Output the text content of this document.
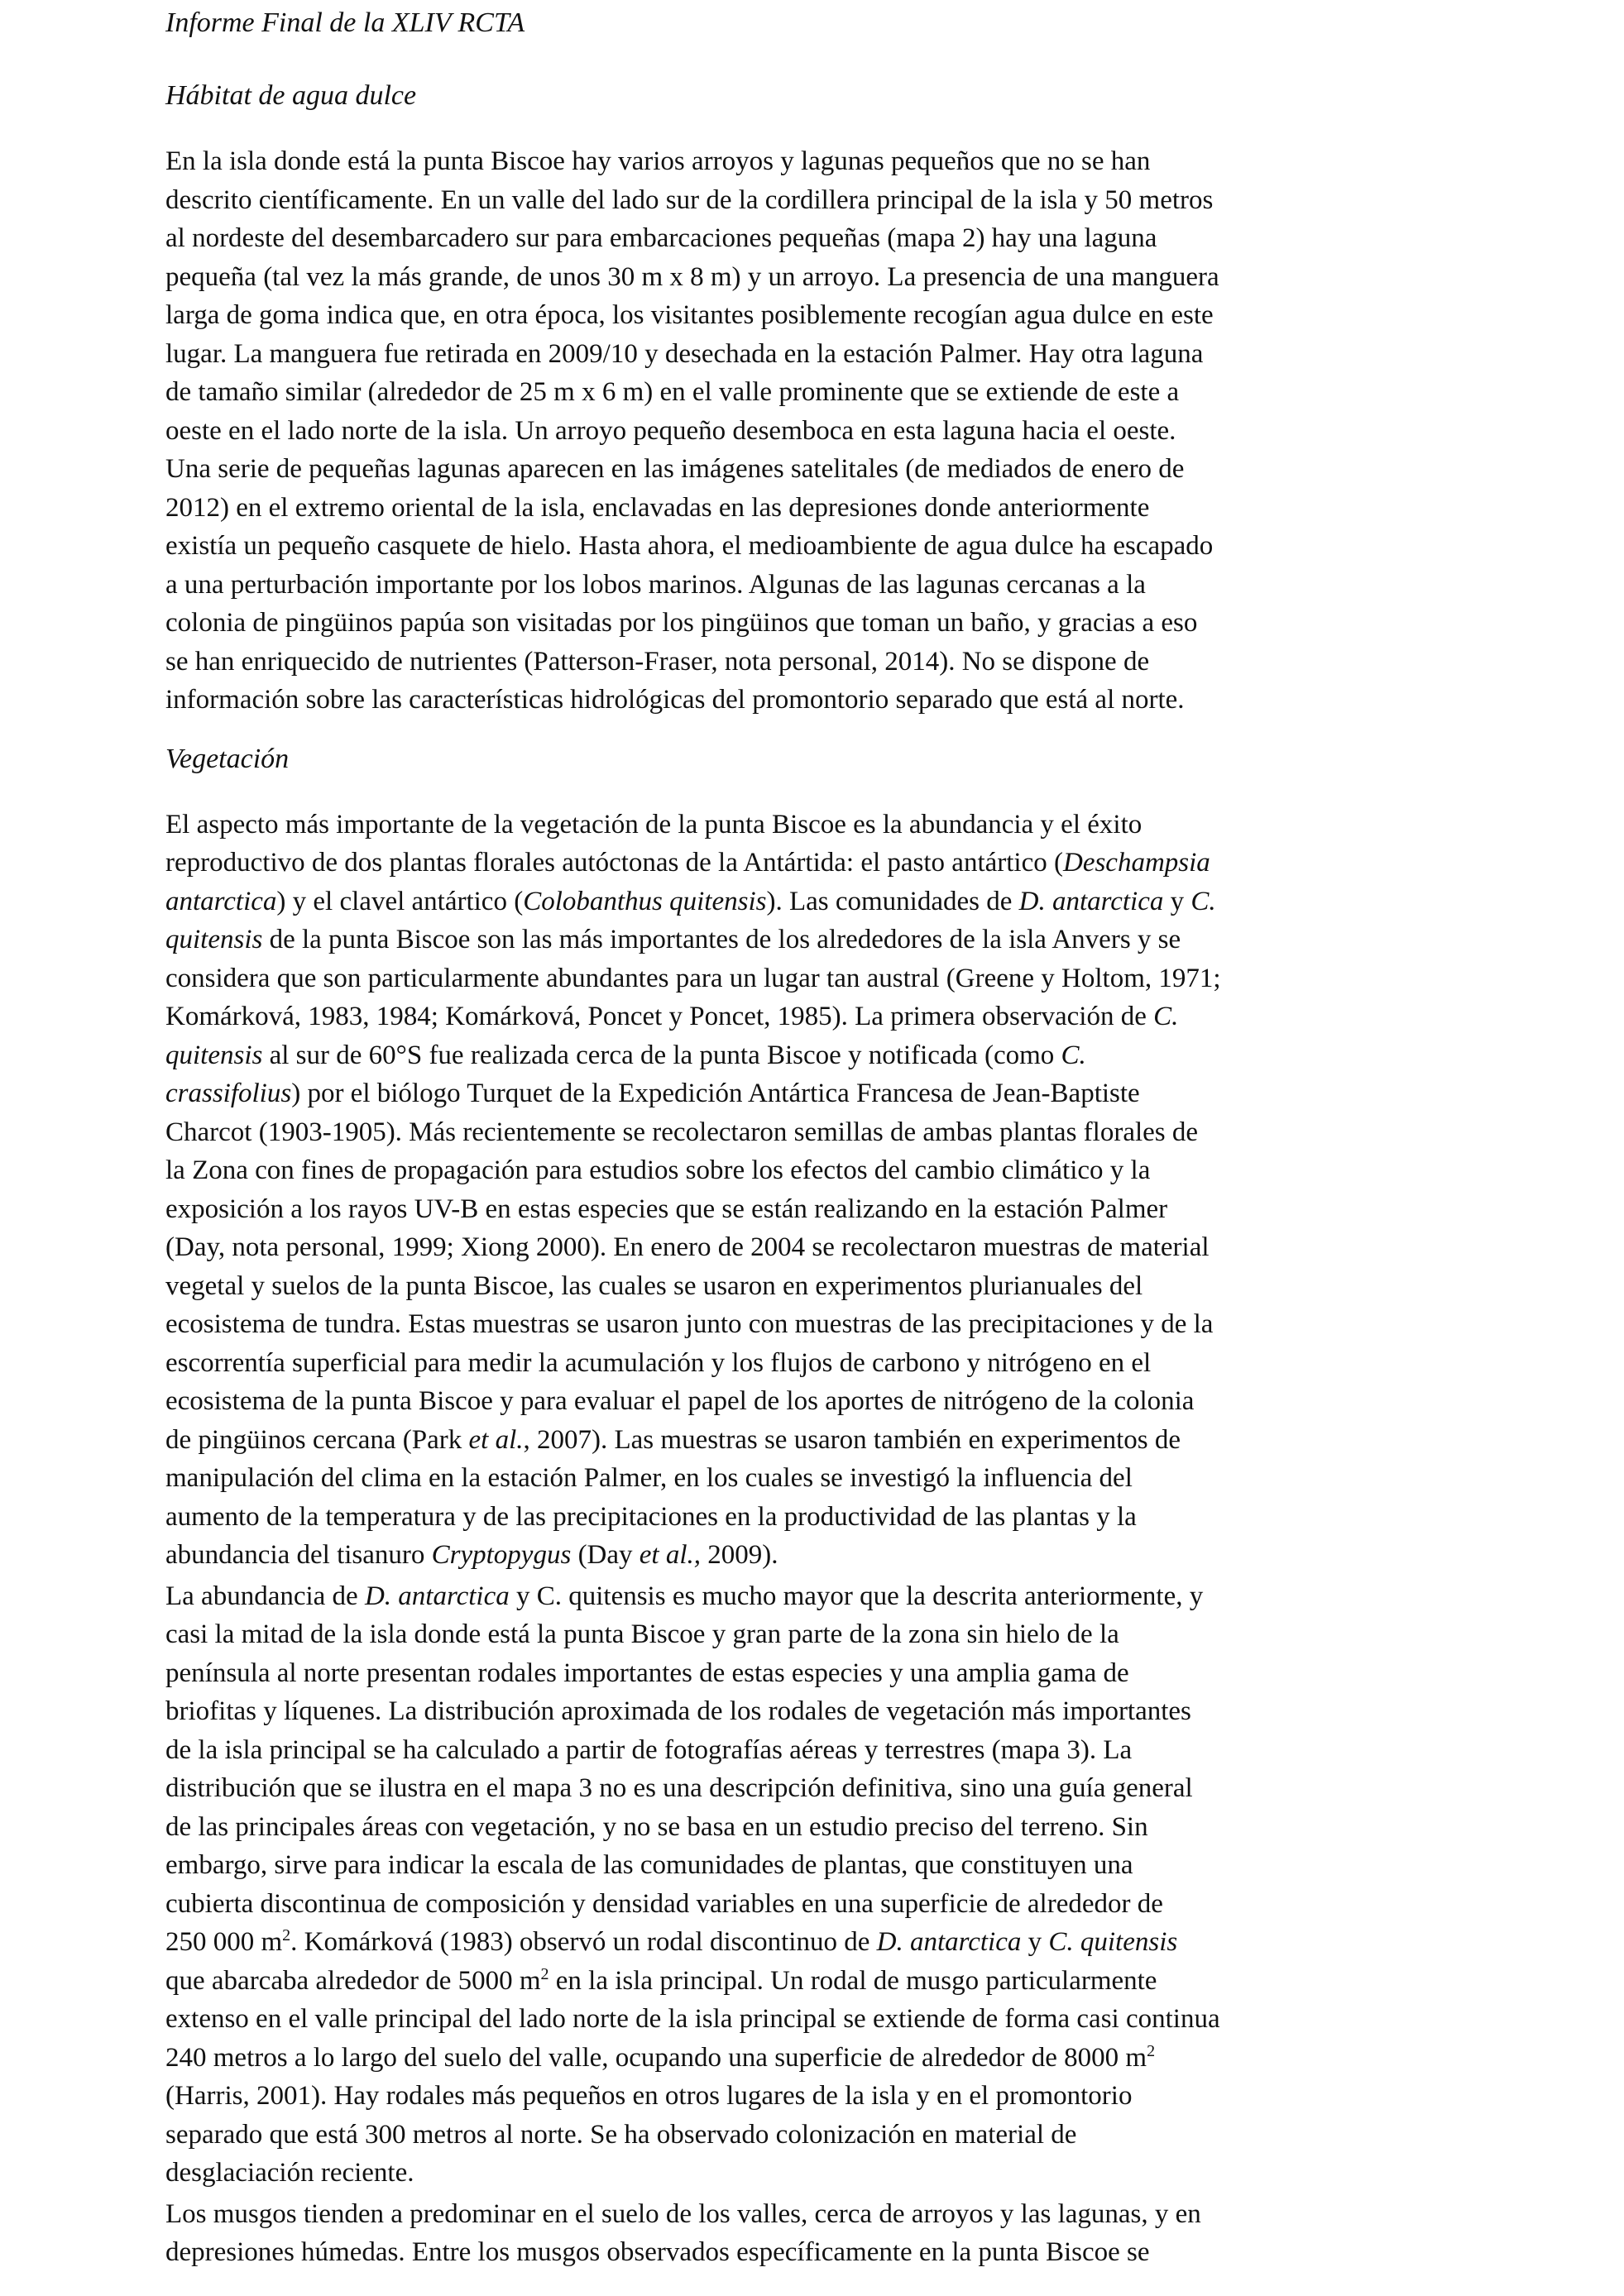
Informe Final de la XLIV RCTA
Hábitat de agua dulce

En la isla donde está la punta Biscoe hay varios arroyos y lagunas pequeños que no se han
descrito científicamente. En un valle del lado sur de la cordillera principal de la isla y 50 metros
al nordeste del desembarcadero sur para embarcaciones pequeñas (mapa 2) hay una laguna
pequeña (tal vez la más grande, de unos 30 m x 8 m) y un arroyo. La presencia de una manguera
larga de goma indica que, en otra época, los visitantes posiblemente recogían agua dulce en este
lugar. La manguera fue retirada en 2009/10 y desechada en la estación Palmer. Hay otra laguna
de tamaño similar (alrededor de 25 m x 6 m) en el valle prominente que se extiende de este a
oeste en el lado norte de la isla. Un arroyo pequeño desemboca en esta laguna hacia el oeste.
Una serie de pequeñas lagunas aparecen en las imágenes satelitales (de mediados de enero de
2012) en el extremo oriental de la isla, enclavadas en las depresiones donde anteriormente
existía un pequeño casquete de hielo. Hasta ahora, el medioambiente de agua dulce ha escapado
a una perturbación importante por los lobos marinos. Algunas de las lagunas cercanas a la
colonia de pingüinos papúa son visitadas por los pingüinos que toman un baño, y gracias a eso
se han enriquecido de nutrientes (Patterson-Fraser, nota personal, 2014). No se dispone de
información sobre las características hidrológicas del promontorio separado que está al norte.

Vegetación

El aspecto más importante de la vegetación de la punta Biscoe es la abundancia y el éxito
reproductivo de dos plantas florales autóctonas de la Antártida: el pasto antártico (Deschampsia
antarctica) y el clavel antártico (Colobanthus quitensis). Las comunidades de D. antarctica y C.
quitensis de la punta Biscoe son las más importantes de los alrededores de la isla Anvers y se
considera que son particularmente abundantes para un lugar tan austral (Greene y Holtom, 1971;
Komárková, 1983, 1984; Komárková, Poncet y Poncet, 1985). La primera observación de C.
quitensis al sur de 60°S fue realizada cerca de la punta Biscoe y notificada (como C.
crassifolius) por el biólogo Turquet de la Expedición Antártica Francesa de Jean-Baptiste
Charcot (1903-1905). Más recientemente se recolectaron semillas de ambas plantas florales de
la Zona con fines de propagación para estudios sobre los efectos del cambio climático y la
exposición a los rayos UV-B en estas especies que se están realizando en la estación Palmer
(Day, nota personal, 1999; Xiong 2000). En enero de 2004 se recolectaron muestras de material
vegetal y suelos de la punta Biscoe, las cuales se usaron en experimentos plurianuales del
ecosistema de tundra. Estas muestras se usaron junto con muestras de las precipitaciones y de la
escorrentía superficial para medir la acumulación y los flujos de carbono y nitrógeno en el
ecosistema de la punta Biscoe y para evaluar el papel de los aportes de nitrógeno de la colonia
de pingüinos cercana (Park et al., 2007). Las muestras se usaron también en experimentos de
manipulación del clima en la estación Palmer, en los cuales se investigó la influencia del
aumento de la temperatura y de las precipitaciones en la productividad de las plantas y la
abundancia del tisanuro Cryptopygus (Day et al., 2009).

La abundancia de D. antarctica y C. quitensis es mucho mayor que la descrita anteriormente, y
casi la mitad de la isla donde está la punta Biscoe y gran parte de la zona sin hielo de la
península al norte presentan rodales importantes de estas especies y una amplia gama de
briofitas y líquenes. La distribución aproximada de los rodales de vegetación más importantes
de la isla principal se ha calculado a partir de fotografías aéreas y terrestres (mapa 3). La
distribución que se ilustra en el mapa 3 no es una descripción definitiva, sino una guía general
de las principales áreas con vegetación, y no se basa en un estudio preciso del terreno. Sin
embargo, sirve para indicar la escala de las comunidades de plantas, que constituyen una
cubierta discontinua de composición y densidad variables en una superficie de alrededor de
250 000 $m^2$. Komárková (1983) observó un rodal discontinuo de D. antarctica y C. quitensis
que abarcaba alrededor de 5000 $m^2$ en la isla principal. Un rodal de musgo particularmente
extenso en el valle principal del lado norte de la isla principal se extiende de forma casi continua
240 metros a lo largo del suelo del valle, ocupando una superficie de alrededor de 8000 $m^2$
(Harris, 2001). Hay rodales más pequeños en otros lugares de la isla y en el promontorio
separado que está 300 metros al norte. Se ha observado colonización en material de
desglaciación reciente.

Los musgos tienden a predominar en el suelo de los valles, cerca de arroyos y las lagunas, y en
depresiones húmedas. Entre los musgos observados específicamente en la punta Biscoe se
